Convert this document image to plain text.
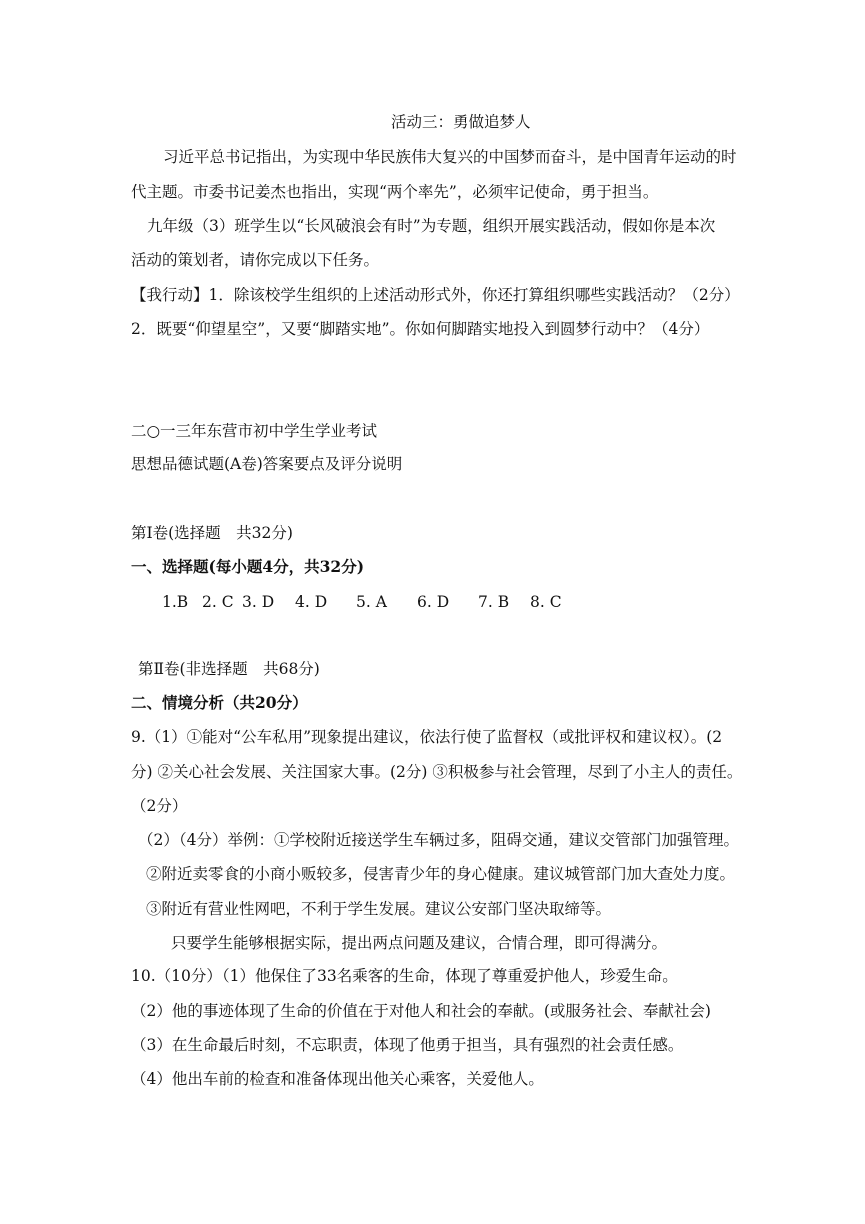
活动三：勇做追梦人
习近平总书记指出，为实现中华民族伟大复兴的中国梦而奋斗，是中国青年运动的时
代主题。市委书记姜杰也指出，实现“两个率先”，必须牢记使命，勇于担当。
九年级（3）班学生以“长风破浪会有时”为专题，组织开展实践活动，假如你是本次
活动的策划者，请你完成以下任务。
【我行动】1．除该校学生组织的上述活动形式外，你还打算组织哪些实践活动？（2分）
2．既要“仰望星空”，又要“脚踏实地”。你如何脚踏实地投入到圆梦行动中？（4分）
二○一三年东营市初中学生学业考试
思想品德试题(A卷)答案要点及评分说明
第Ⅰ卷(选择题　共32分)
一、选择题(每小题4分，共32分)
1.B 2. C 3. D 4. D 5. A 6. D 7. B 8. C
第Ⅱ卷(非选择题　共68分)
二、情境分析（共20分）
9.（1）①能对“公车私用”现象提出建议，依法行使了监督权（或批评权和建议权）。(2
分) ②关心社会发展、关注国家大事。(2分) ③积极参与社会管理，尽到了小主人的责任。
（2分）
（2）（4分）举例：①学校附近接送学生车辆过多，阻碍交通，建议交管部门加强管理。
②附近卖零食的小商小贩较多，侵害青少年的身心健康。建议城管部门加大查处力度。
③附近有营业性网吧，不利于学生发展。建议公安部门坚决取缔等。
只要学生能够根据实际，提出两点问题及建议，合情合理，即可得满分。
10.（10分）（1）他保住了33名乘客的生命，体现了尊重爱护他人，珍爱生命。
（2）他的事迹体现了生命的价值在于对他人和社会的奉献。(或服务社会、奉献社会)
（3）在生命最后时刻，不忘职责，体现了他勇于担当，具有强烈的社会责任感。
（4）他出车前的检查和准备体现出他关心乘客，关爱他人。
